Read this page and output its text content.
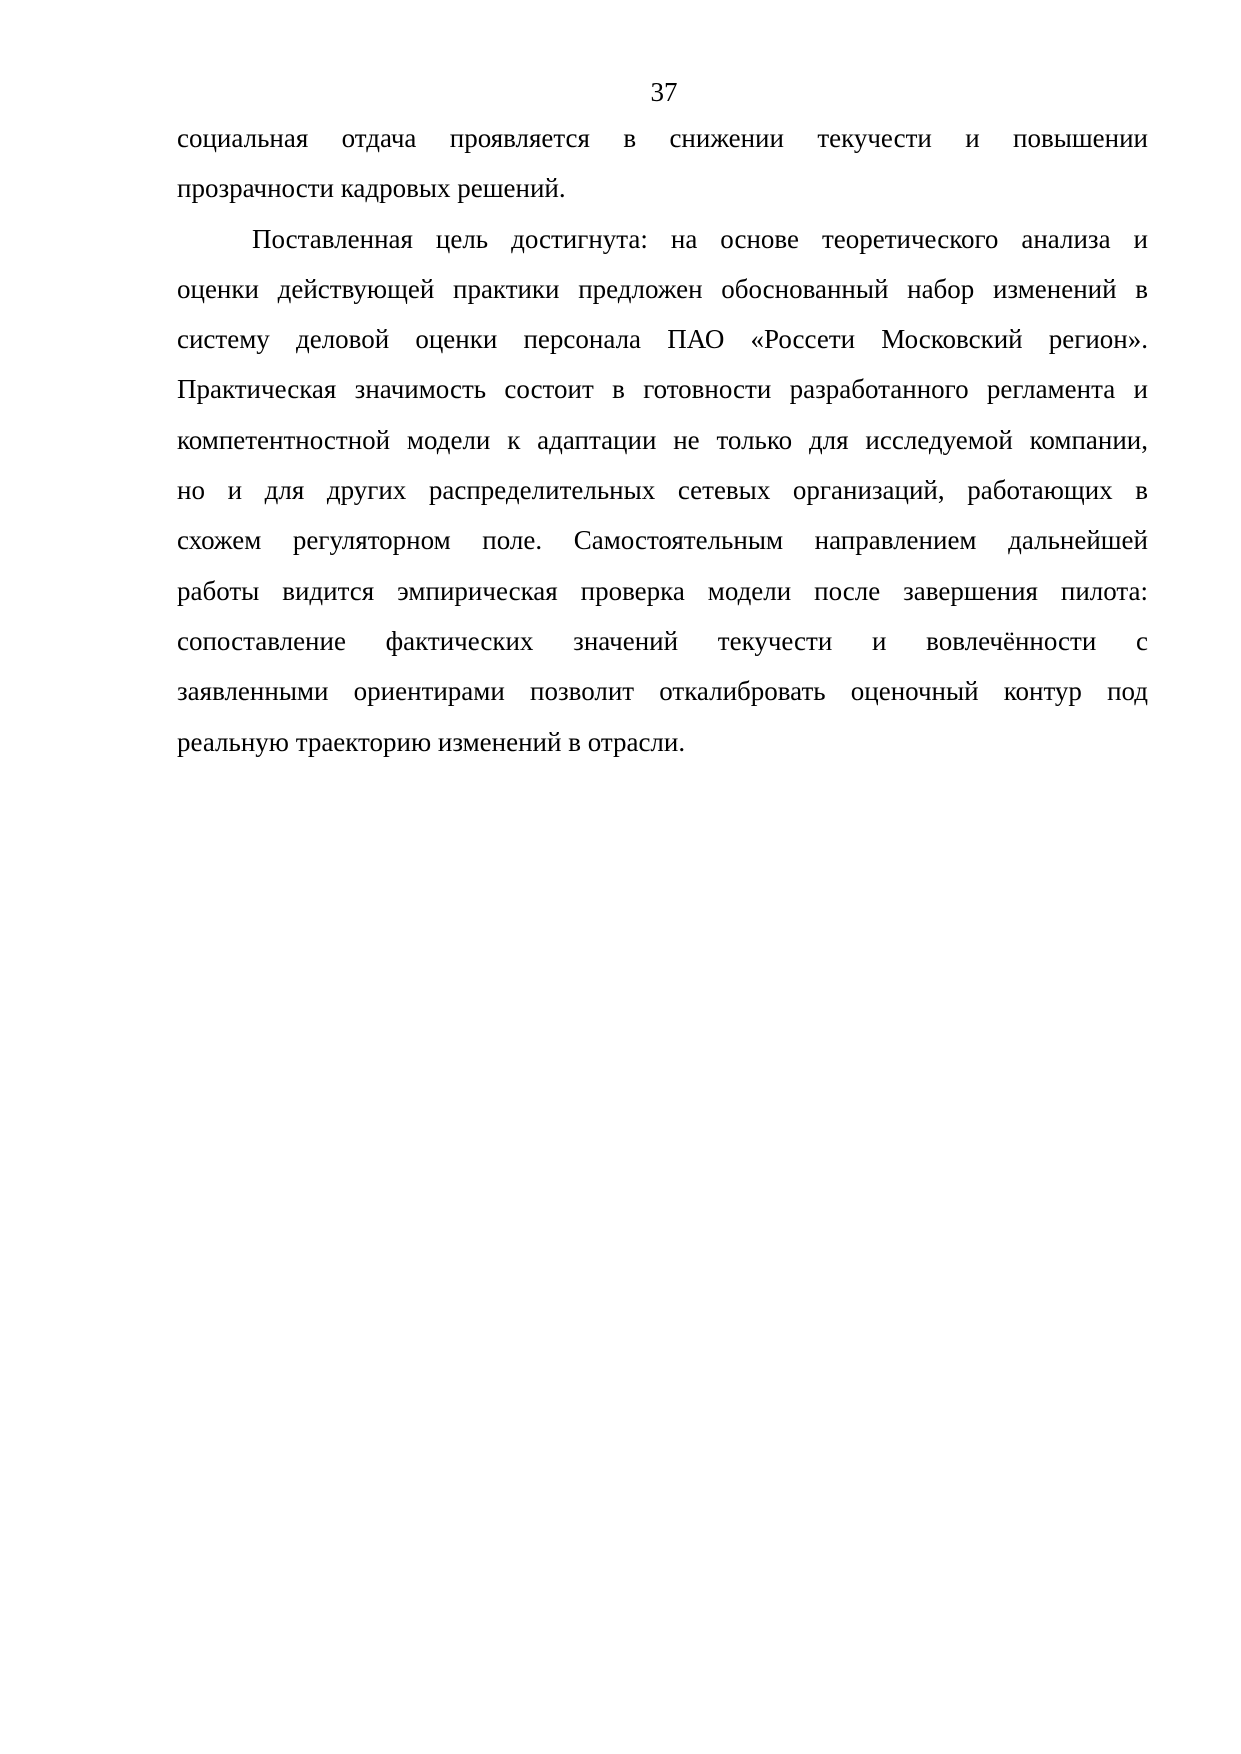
37

социальная отдача проявляется в снижении текучести и повышении
прозрачности кадровых решений.

Поставленная цель достигнута: на основе теоретического анализа и
оценки действующей практики предложен обоснованный набор изменений в
систему деловой оценки персонала ПАО «Россети Московский регион».
Практическая значимость состоит в готовности разработанного регламента и
компетентностной модели к адаптации не только для исследуемой компании,
но и для других распределительных сетевых организаций, работающих в
схожем регуляторном поле. Самостоятельным направлением дальнейшей
работы видится эмпирическая проверка модели после завершения пилота:
сопоставление фактических значений текучести и вовлечённости с
заявленными ориентирами позволит откалибровать оценочный контур под
реальную траекторию изменений в отрасли.
